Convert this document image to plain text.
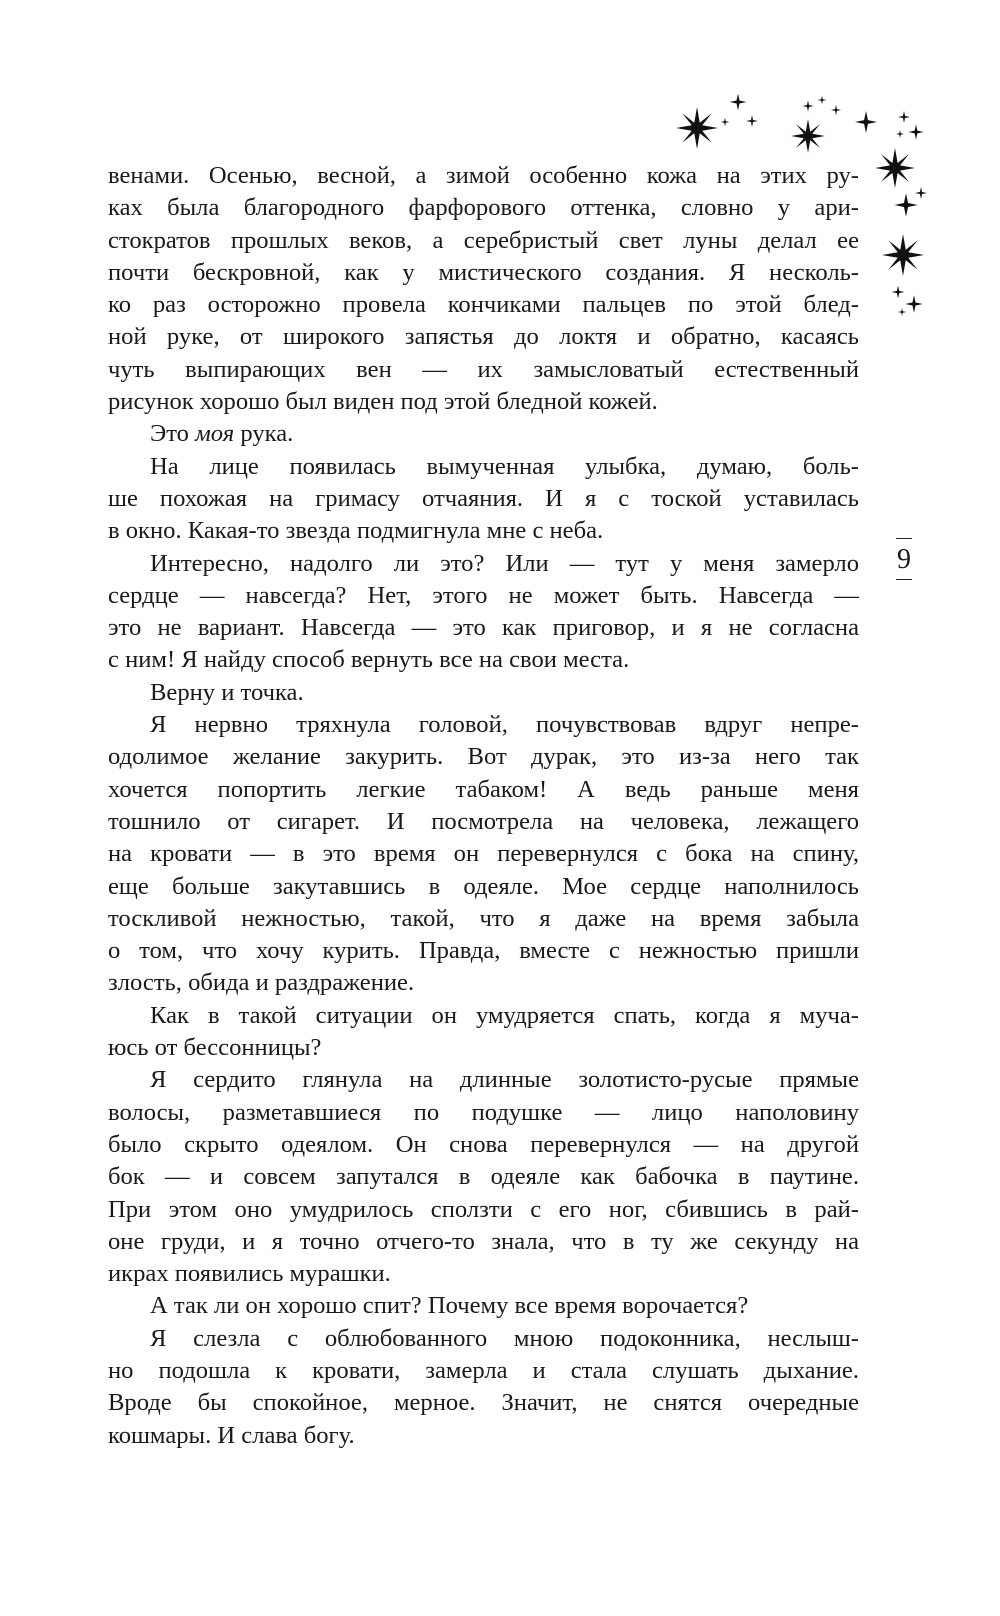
венами. Осенью, весной, а зимой особенно кожа на этих ру-
ках была благородного фарфорового оттенка, словно у ари-
стократов прошлых веков, а серебристый свет луны делал ее
почти бескровной, как у мистического создания. Я несколь-
ко раз осторожно провела кончиками пальцев по этой блед-
ной руке, от широкого запястья до локтя и обратно, касаясь
чуть выпирающих вен — их замысловатый естественный
рисунок хорошо был виден под этой бледной кожей.
Это моя рука.
На лице появилась вымученная улыбка, думаю, боль-
ше похожая на гримасу отчаяния. И я с тоской уставилась
в окно. Какая-то звезда подмигнула мне с неба.
Интересно, надолго ли это? Или — тут у меня замерло
сердце — навсегда? Нет, этого не может быть. Навсегда —
это не вариант. Навсегда — это как приговор, и я не согласна
с ним! Я найду способ вернуть все на свои места.
Верну и точка.
Я нервно тряхнула головой, почувствовав вдруг непре-
одолимое желание закурить. Вот дурак, это из-за него так
хочется попортить легкие табаком! А ведь раньше меня
тошнило от сигарет. И посмотрела на человека, лежащего
на кровати — в это время он перевернулся с бока на спину,
еще больше закутавшись в одеяле. Мое сердце наполнилось
тоскливой нежностью, такой, что я даже на время забыла
о том, что хочу курить. Правда, вместе с нежностью пришли
злость, обида и раздражение.
Как в такой ситуации он умудряется спать, когда я муча-
юсь от бессонницы?
Я сердито глянула на длинные золотисто-русые прямые
волосы, разметавшиеся по подушке — лицо наполовину
было скрыто одеялом. Он снова перевернулся — на другой
бок — и совсем запутался в одеяле как бабочка в паутине.
При этом оно умудрилось сползти с его ног, сбившись в рай-
оне груди, и я точно отчего-то знала, что в ту же секунду на
икрах появились мурашки.
А так ли он хорошо спит? Почему все время ворочается?
Я слезла с облюбованного мною подоконника, неслыш-
но подошла к кровати, замерла и стала слушать дыхание.
Вроде бы спокойное, мерное. Значит, не снятся очередные
кошмары. И слава богу.
9
